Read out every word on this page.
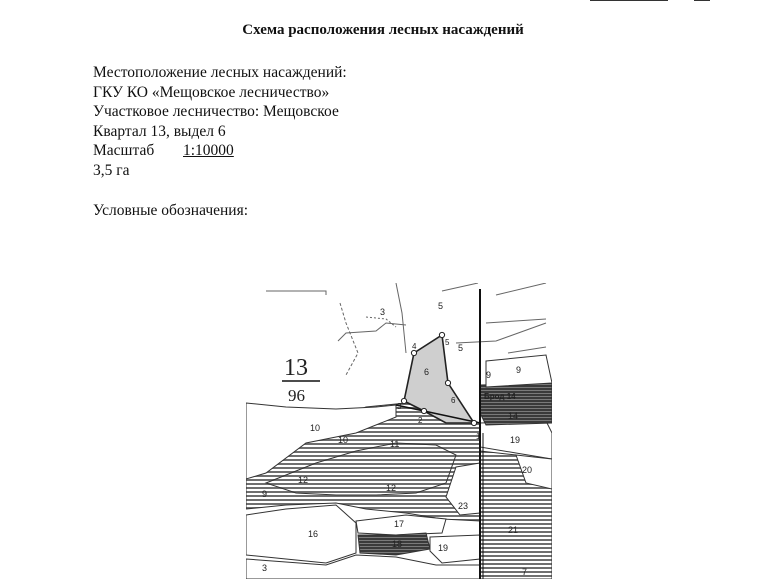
Схема расположения лесных насаждений
Местоположение лесных насаждений:
ГКУ КО «Мещовское лесничество»
Участковое лесничество: Мещовское
Квартал 13, выдел 6
Масштаб 1:10000
3,5 га
Условные обозначения:
13
96
3
5
5
6	9
9
10
10	11
12
12
9
16
17
18	19
19
20
21
23
3	7
14
4	5
3
6
2
1
Брод 14
